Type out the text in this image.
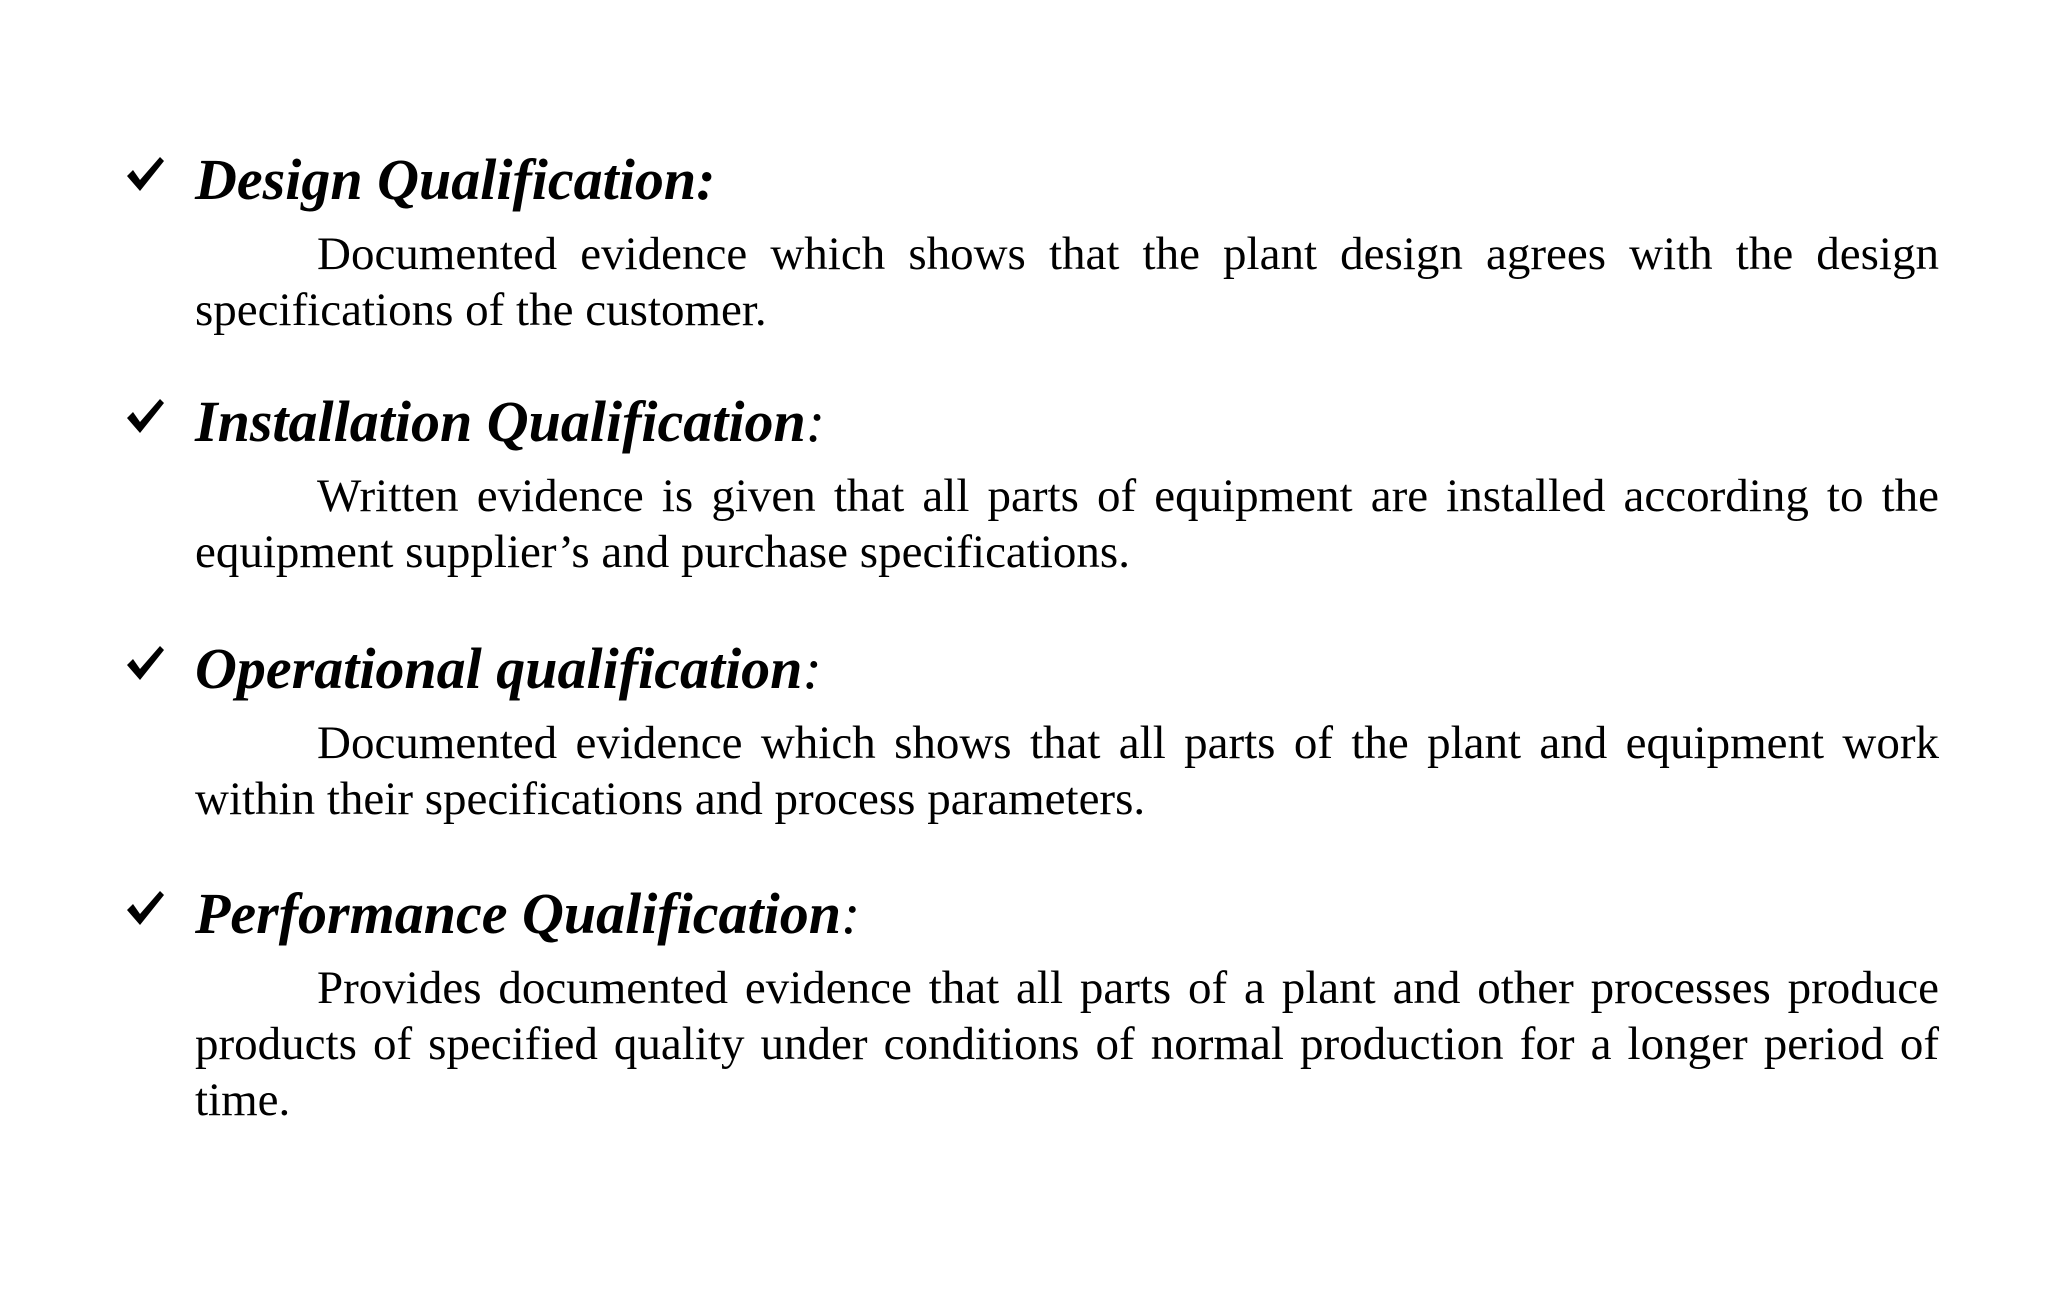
Design Qualification:

Documented evidence which shows that the plant design agrees with the design specifications of the customer.

Installation Qualification:

Written evidence is given that all parts of equipment are installed according to the equipment supplier’s and purchase specifications.

Operational qualification:

Documented evidence which shows that all parts of the plant and equipment work within their specifications and process parameters.

Performance Qualification:

Provides documented evidence that all parts of a plant and other processes produce products of specified quality under conditions of normal production for a longer period of time.
